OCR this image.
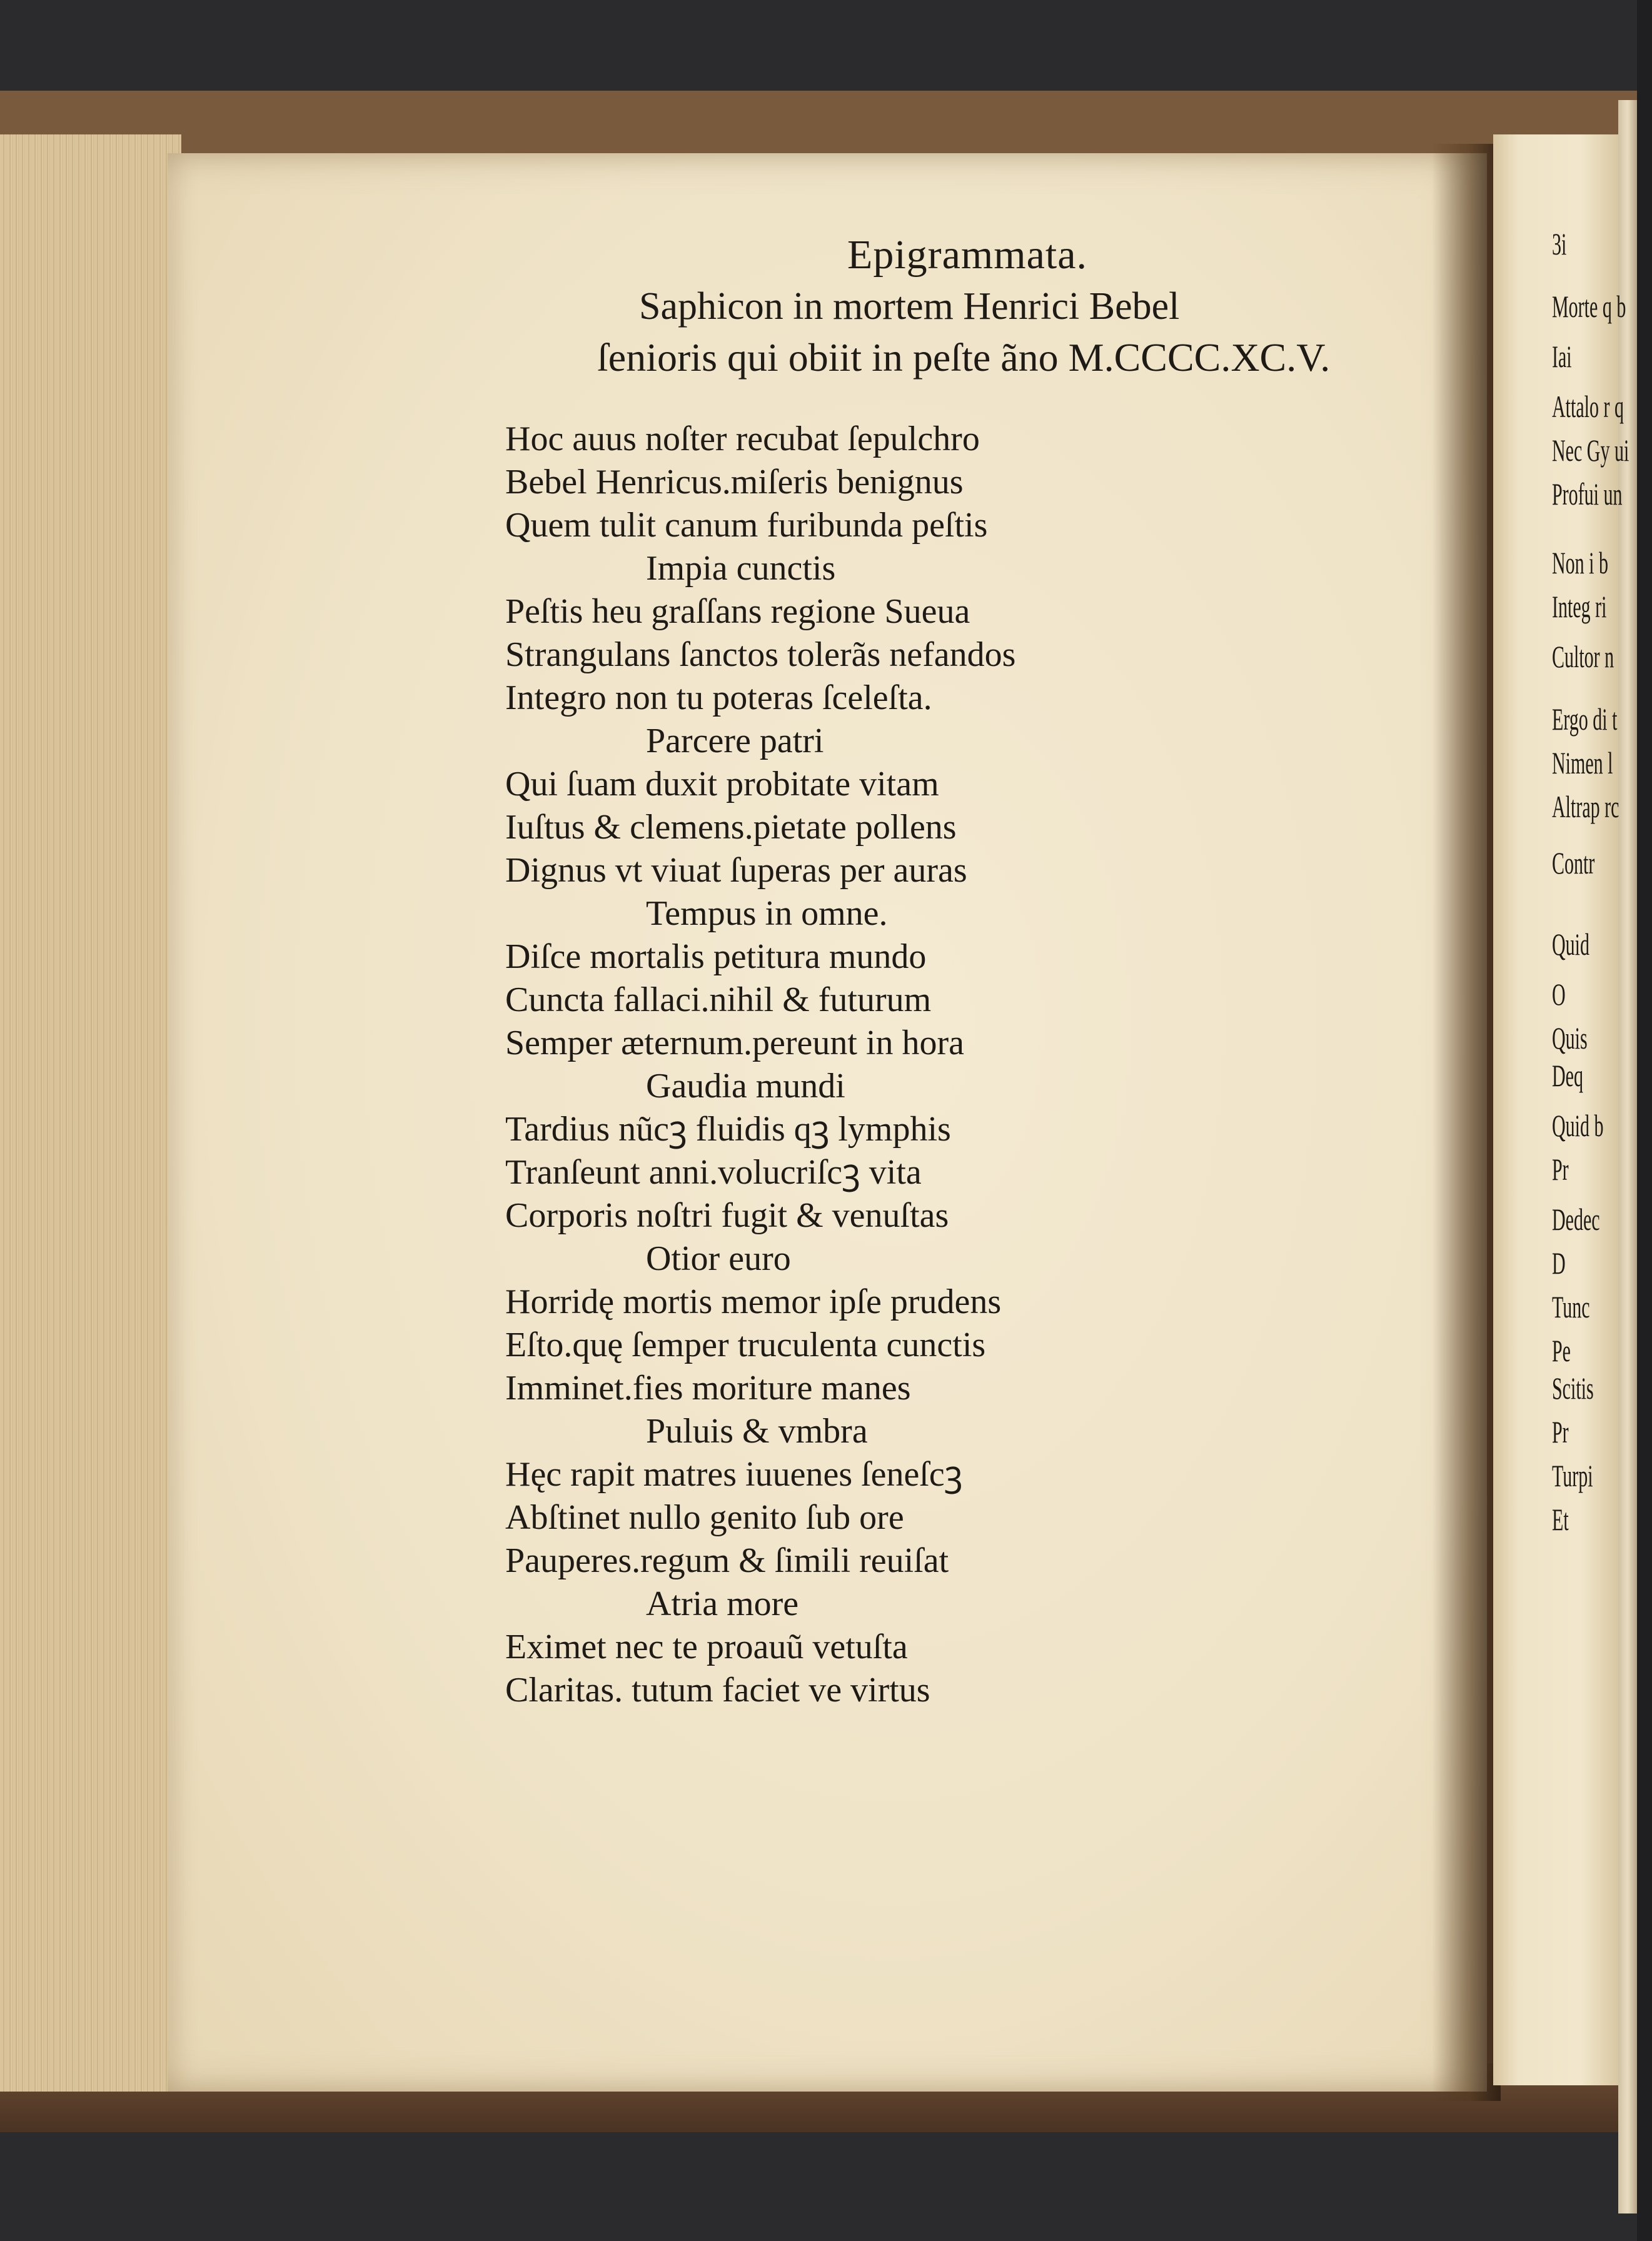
Epigrammata.
Saphicon in mortem Henrici Bebel
ſenioris qui obiit in peſte ãno M.CCCC.XC.V.
Hoc auus noſter recubat ſepulchro
Bebel Henricus.miſeris benignus
Quem tulit canum furibunda peſtis
Impia cunctis
Peſtis heu graſſans regione Sueua
Strangulans ſanctos tolerãs nefandos
Integro non tu poteras ſceleſta.
Parcere patri
Qui ſuam duxit probitate vitam
Iuſtus & clemens.pietate pollens
Dignus vt viuat ſuperas per auras
Tempus in omne.
Diſce mortalis petitura mundo
Cuncta fallaci.nihil & futurum
Semper æternum.pereunt in hora
Gaudia mundi
Tardius nũcꝫ fluidis qꝫ lymphis
Tranſeunt anni.volucriſcꝫ vita
Corporis noſtri fugit & venuſtas
Otior euro
Horridę mortis memor ipſe prudens
Eſto.quę ſemper truculenta cunctis
Imminet.fies moriture manes
Puluis & vmbra
Hęc rapit matres iuuenes ſeneſcꝫ
Abſtinet nullo genito ſub ore
Pauperes.regum & ſimili reuiſat
Atria more
Eximet nec te proauũ vetuſta
Claritas. tutum faciet ve virtus
3i
Morte q b
Iai
Attalo r q
Nec Gy ui
Profui un
Non i b
Integ ri
Cultor n
Ergo di t
Nimen l
Altrap rc
Contr
Quid
O
Quis
Deq
Quid b
Pr
Dedec
D
Tunc
Pe
Scitis
Pr
Turpi
Et
